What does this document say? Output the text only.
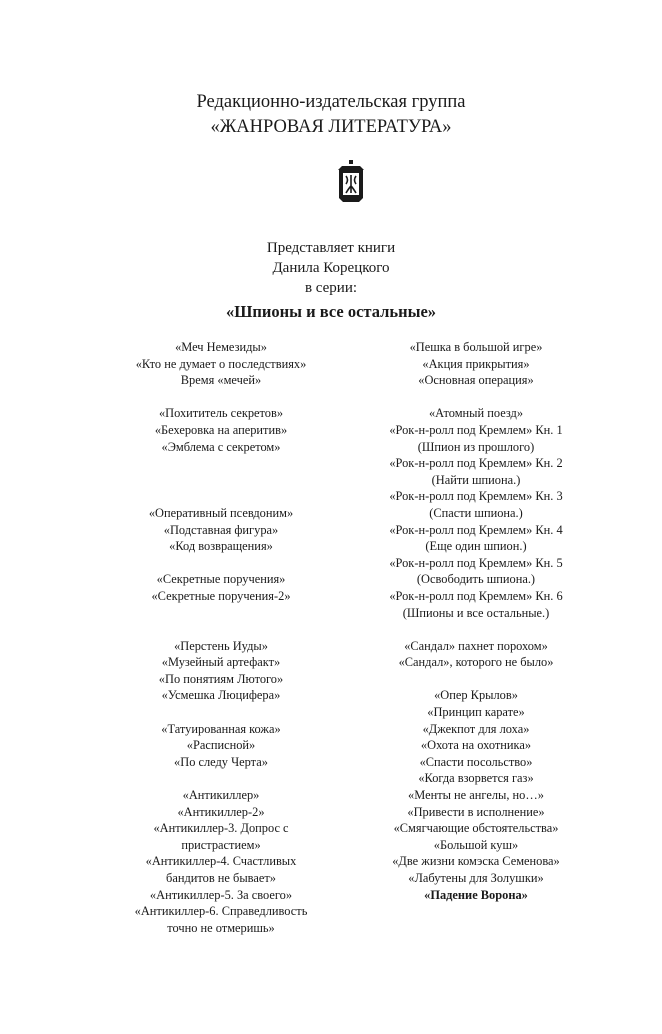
Редакционно-издательская группа
«ЖАНРОВАЯ ЛИТЕРАТУРА»
Представляет книги
Данила Корецкого
в серии:
«Шпионы и все остальные»
«Меч Немезиды»
«Кто не думает о последствиях»
Время «мечей»
«Похититель секретов»
«Бехеровка на аперитив»
«Эмблема с секретом»
«Оперативный псевдоним»
«Подставная фигура»
«Код возвращения»
«Секретные поручения»
«Секретные поручения-2»
«Перстень Иуды»
«Музейный артефакт»
«По понятиям Лютого»
«Усмешка Люцифера»
«Татуированная кожа»
«Расписной»
«По следу Черта»
«Антикиллер»
«Антикиллер-2»
«Антикиллер-3. Допрос с
пристрастием»
«Антикиллер-4. Счастливых
бандитов не бывает»
«Антикиллер-5. За своего»
«Антикиллер-6. Справедливость
точно не отмеришь»
«Пешка в большой игре»
«Акция прикрытия»
«Основная операция»
«Атомный поезд»
«Рок-н-ролл под Кремлем» Кн. 1
(Шпион из прошлого)
«Рок-н-ролл под Кремлем» Кн. 2
(Найти шпиона.)
«Рок-н-ролл под Кремлем» Кн. 3
(Спасти шпиона.)
«Рок-н-ролл под Кремлем» Кн. 4
(Еще один шпион.)
«Рок-н-ролл под Кремлем» Кн. 5
(Освободить шпиона.)
«Рок-н-ролл под Кремлем» Кн. 6
(Шпионы и все остальные.)
«Сандал» пахнет порохом»
«Сандал», которого не было»
«Опер Крылов»
«Принцип карате»
«Джекпот для лоха»
«Охота на охотника»
«Спасти посольство»
«Когда взорвется газ»
«Менты не ангелы, но…»
«Привести в исполнение»
«Смягчающие обстоятельства»
«Большой куш»
«Две жизни комэска Семенова»
«Лабутены для Золушки»
«Падение Ворона»
